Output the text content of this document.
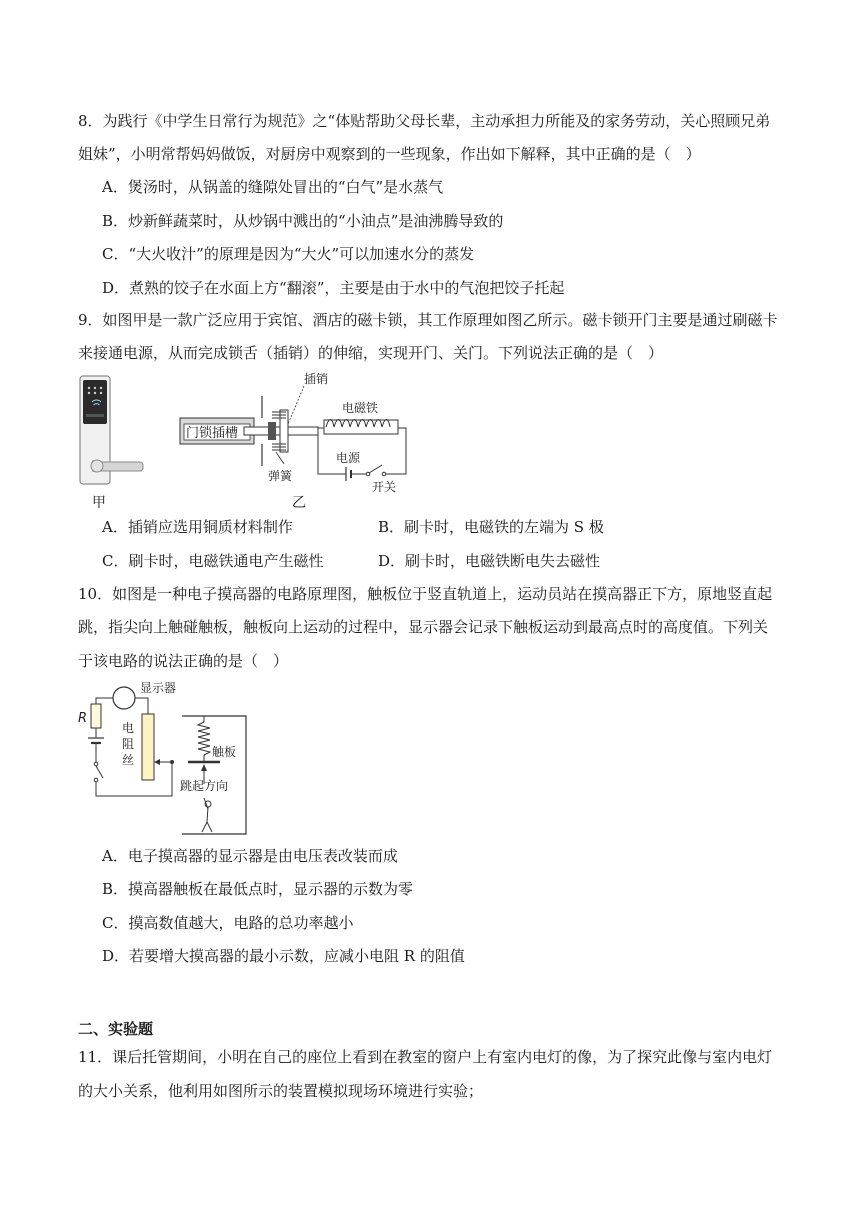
8．为践行《中学生日常行为规范》之“体贴帮助父母长辈，主动承担力所能及的家务劳动，关心照顾兄弟
姐妹”，小明常帮妈妈做饭，对厨房中观察到的一些现象，作出如下解释，其中正确的是（　）
A．煲汤时，从锅盖的缝隙处冒出的“白气”是水蒸气
B．炒新鲜蔬菜时，从炒锅中溅出的“小油点”是油沸腾导致的
C．“大火收汁”的原理是因为“大火”可以加速水分的蒸发
D．煮熟的饺子在水面上方“翻滚”，主要是由于水中的气泡把饺子托起
9．如图甲是一款广泛应用于宾馆、酒店的磁卡锁，其工作原理如图乙所示。磁卡锁开门主要是通过刷磁卡
来接通电源，从而完成锁舌（插销）的伸缩，实现开门、关门。下列说法正确的是（　）
甲
门锁插槽
插销
弹簧
电磁铁
电源
开关
乙
A．插销应选用铜质材料制作	B．刷卡时，电磁铁的左端为 S 极
C．刷卡时，电磁铁通电产生磁性	D．刷卡时，电磁铁断电失去磁性
10．如图是一种电子摸高器的电路原理图，触板位于竖直轨道上，运动员站在摸高器正下方，原地竖直起
跳，指尖向上触碰触板，触板向上运动的过程中，显示器会记录下触板运动到最高点时的高度值。下列关
于该电路的说法正确的是（　）
显示器
R
电
阻
丝
触板
跳起方向
A．电子摸高器的显示器是由电压表改装而成
B．摸高器触板在最低点时，显示器的示数为零
C．摸高数值越大，电路的总功率越小
D．若要增大摸高器的最小示数，应减小电阻 R 的阻值
二、实验题
11．课后托管期间，小明在自己的座位上看到在教室的窗户上有室内电灯的像，为了探究此像与室内电灯
的大小关系，他利用如图所示的装置模拟现场环境进行实验；
